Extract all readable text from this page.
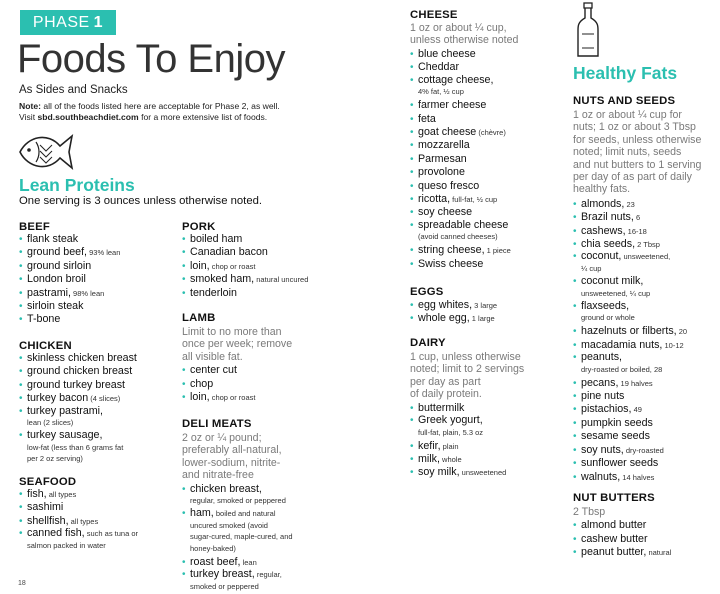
PHASE 1
Foods To Enjoy
As Sides and Snacks
Note: all of the foods listed here are acceptable for Phase 2, as well.
Visit sbd.southbeachdiet.com for a more extensive list of foods.
Lean Proteins
One serving is 3 ounces unless otherwise noted.
BEEF
• flank steak
• ground beef, 93% lean
• ground sirloin
• London broil
• pastrami, 98% lean
• sirloin steak
• T-bone
CHICKEN
• skinless chicken breast
• ground chicken breast
• ground turkey breast
• turkey bacon (4 slices)
• turkey pastrami,
lean (2 slices)
• turkey sausage,
low-fat (less than 6 grams fat
per 2 oz serving)
SEAFOOD
• fish, all types
• sashimi
• shellfish, all types
• canned fish, such as tuna or
salmon packed in water
PORK
• boiled ham
• Canadian bacon
• loin, chop or roast
• smoked ham, natural uncured
• tenderloin
LAMB
Limit to no more than
once per week; remove
all visible fat.
• center cut
• chop
• loin, chop or roast
DELI MEATS
2 oz or ¼ pound;
preferably all-natural,
lower-sodium, nitrite-
and nitrate-free
• chicken breast,
regular, smoked or peppered
• ham, boiled and natural
uncured smoked (avoid
sugar-cured, maple-cured, and
honey-baked)
• roast beef, lean
• turkey breast, regular,
smoked or peppered
CHEESE
1 oz or about ¼ cup,
unless otherwise noted
• blue cheese
• Cheddar
• cottage cheese,
4% fat, ½ cup
• farmer cheese
• feta
• goat cheese (chèvre)
• mozzarella
• Parmesan
• provolone
• queso fresco
• ricotta, full-fat, ½ cup
• soy cheese
• spreadable cheese
(avoid canned cheeses)
• string cheese, 1 piece
• Swiss cheese
EGGS
• egg whites, 3 large
• whole egg, 1 large
DAIRY
1 cup, unless otherwise
noted; limit to 2 servings
per day as part
of daily protein.
• buttermilk
• Greek yogurt,
full-fat, plain, 5.3 oz
• kefir, plain
• milk, whole
• soy milk, unsweetened
Healthy Fats
NUTS AND SEEDS
1 oz or about ¼ cup for
nuts; 1 oz or about 3 Tbsp
for seeds, unless otherwise
noted; limit nuts, seeds
and nut butters to 1 serving
per day of as part of daily
healthy fats.
• almonds, 23
• Brazil nuts, 6
• cashews, 16-18
• chia seeds, 2 Tbsp
• coconut, unsweetened,
¼ cup
• coconut milk,
unsweetened, ¼ cup
• flaxseeds,
ground or whole
• hazelnuts or filberts, 20
• macadamia nuts, 10-12
• peanuts,
dry-roasted or boiled, 28
• pecans, 19 halves
• pine nuts
• pistachios, 49
• pumpkin seeds
• sesame seeds
• soy nuts, dry-roasted
• sunflower seeds
• walnuts, 14 halves
NUT BUTTERS
2 Tbsp
• almond butter
• cashew butter
• peanut butter, natural
18
